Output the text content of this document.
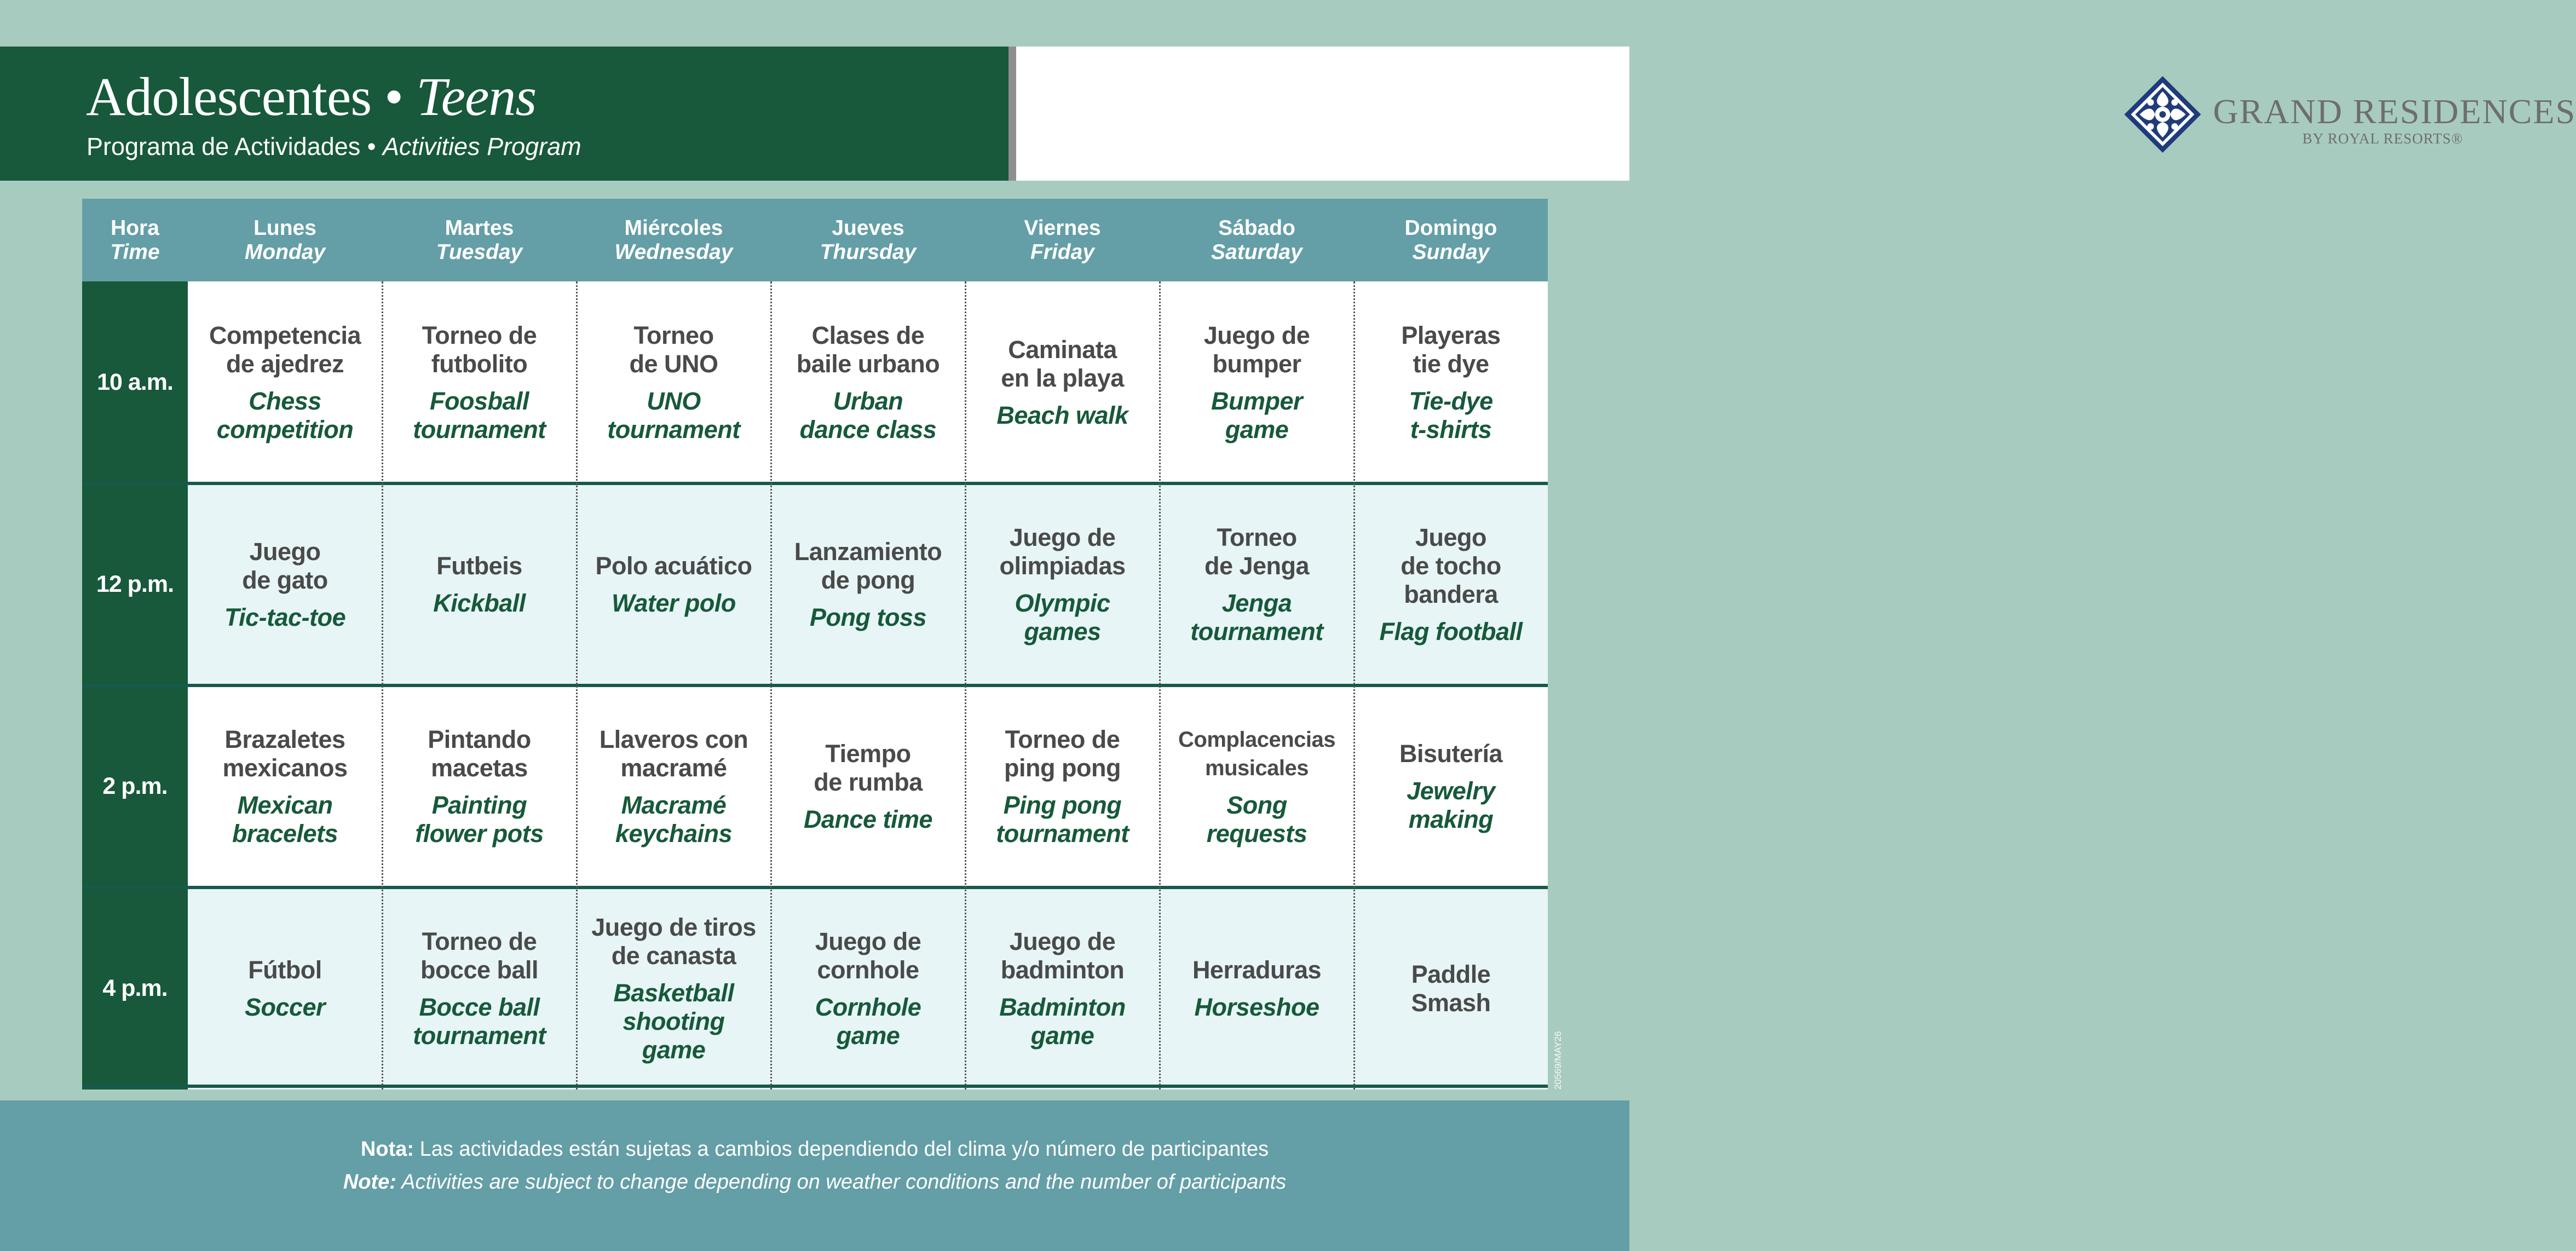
Adolescentes • Teens
Programa de Actividades • Activities Program
GRAND RESIDENCES
BY ROYAL RESORTS®
Hora
Time
Lunes
Monday
Martes
Tuesday
Miércoles
Wednesday
Jueves
Thursday
Viernes
Friday
Sábado
Saturday
Domingo
Sunday
10 a.m.
12 p.m.
2 p.m.
4 p.m.
Competencia
de ajedrez
Chess
competition
Torneo de
futbolito
Foosball
tournament
Torneo
de UNO
UNO
tournament
Clases de
baile urbano
Urban
dance class
Caminata
en la playa
Beach walk
Juego de
bumper
Bumper
game
Playeras
tie dye
Tie-dye
t-shirts
Juego
de gato
Tic-tac-toe
Futbeis
Kickball
Polo acuático
Water polo
Lanzamiento
de pong
Pong toss
Juego de
olimpiadas
Olympic
games
Torneo
de Jenga
Jenga
tournament
Juego
de tocho
bandera
Flag football
Brazaletes
mexicanos
Mexican
bracelets
Pintando
macetas
Painting
flower pots
Llaveros con
macramé
Macramé
keychains
Tiempo
de rumba
Dance time
Torneo de
ping pong
Ping pong
tournament
Complacencias
musicales
Song
requests
Bisutería
Jewelry
making
Fútbol
Soccer
Torneo de
bocce ball
Bocce ball
tournament
Juego de tiros
de canasta
Basketball
shooting
game
Juego de
cornhole
Cornhole
game
Juego de
badminton
Badminton
game
Herraduras
Horseshoe
Paddle
Smash
20569/MAY26
Nota: Las actividades están sujetas a cambios dependiendo del clima y/o número de participantes
Note: Activities are subject to change depending on weather conditions and the number of participants
